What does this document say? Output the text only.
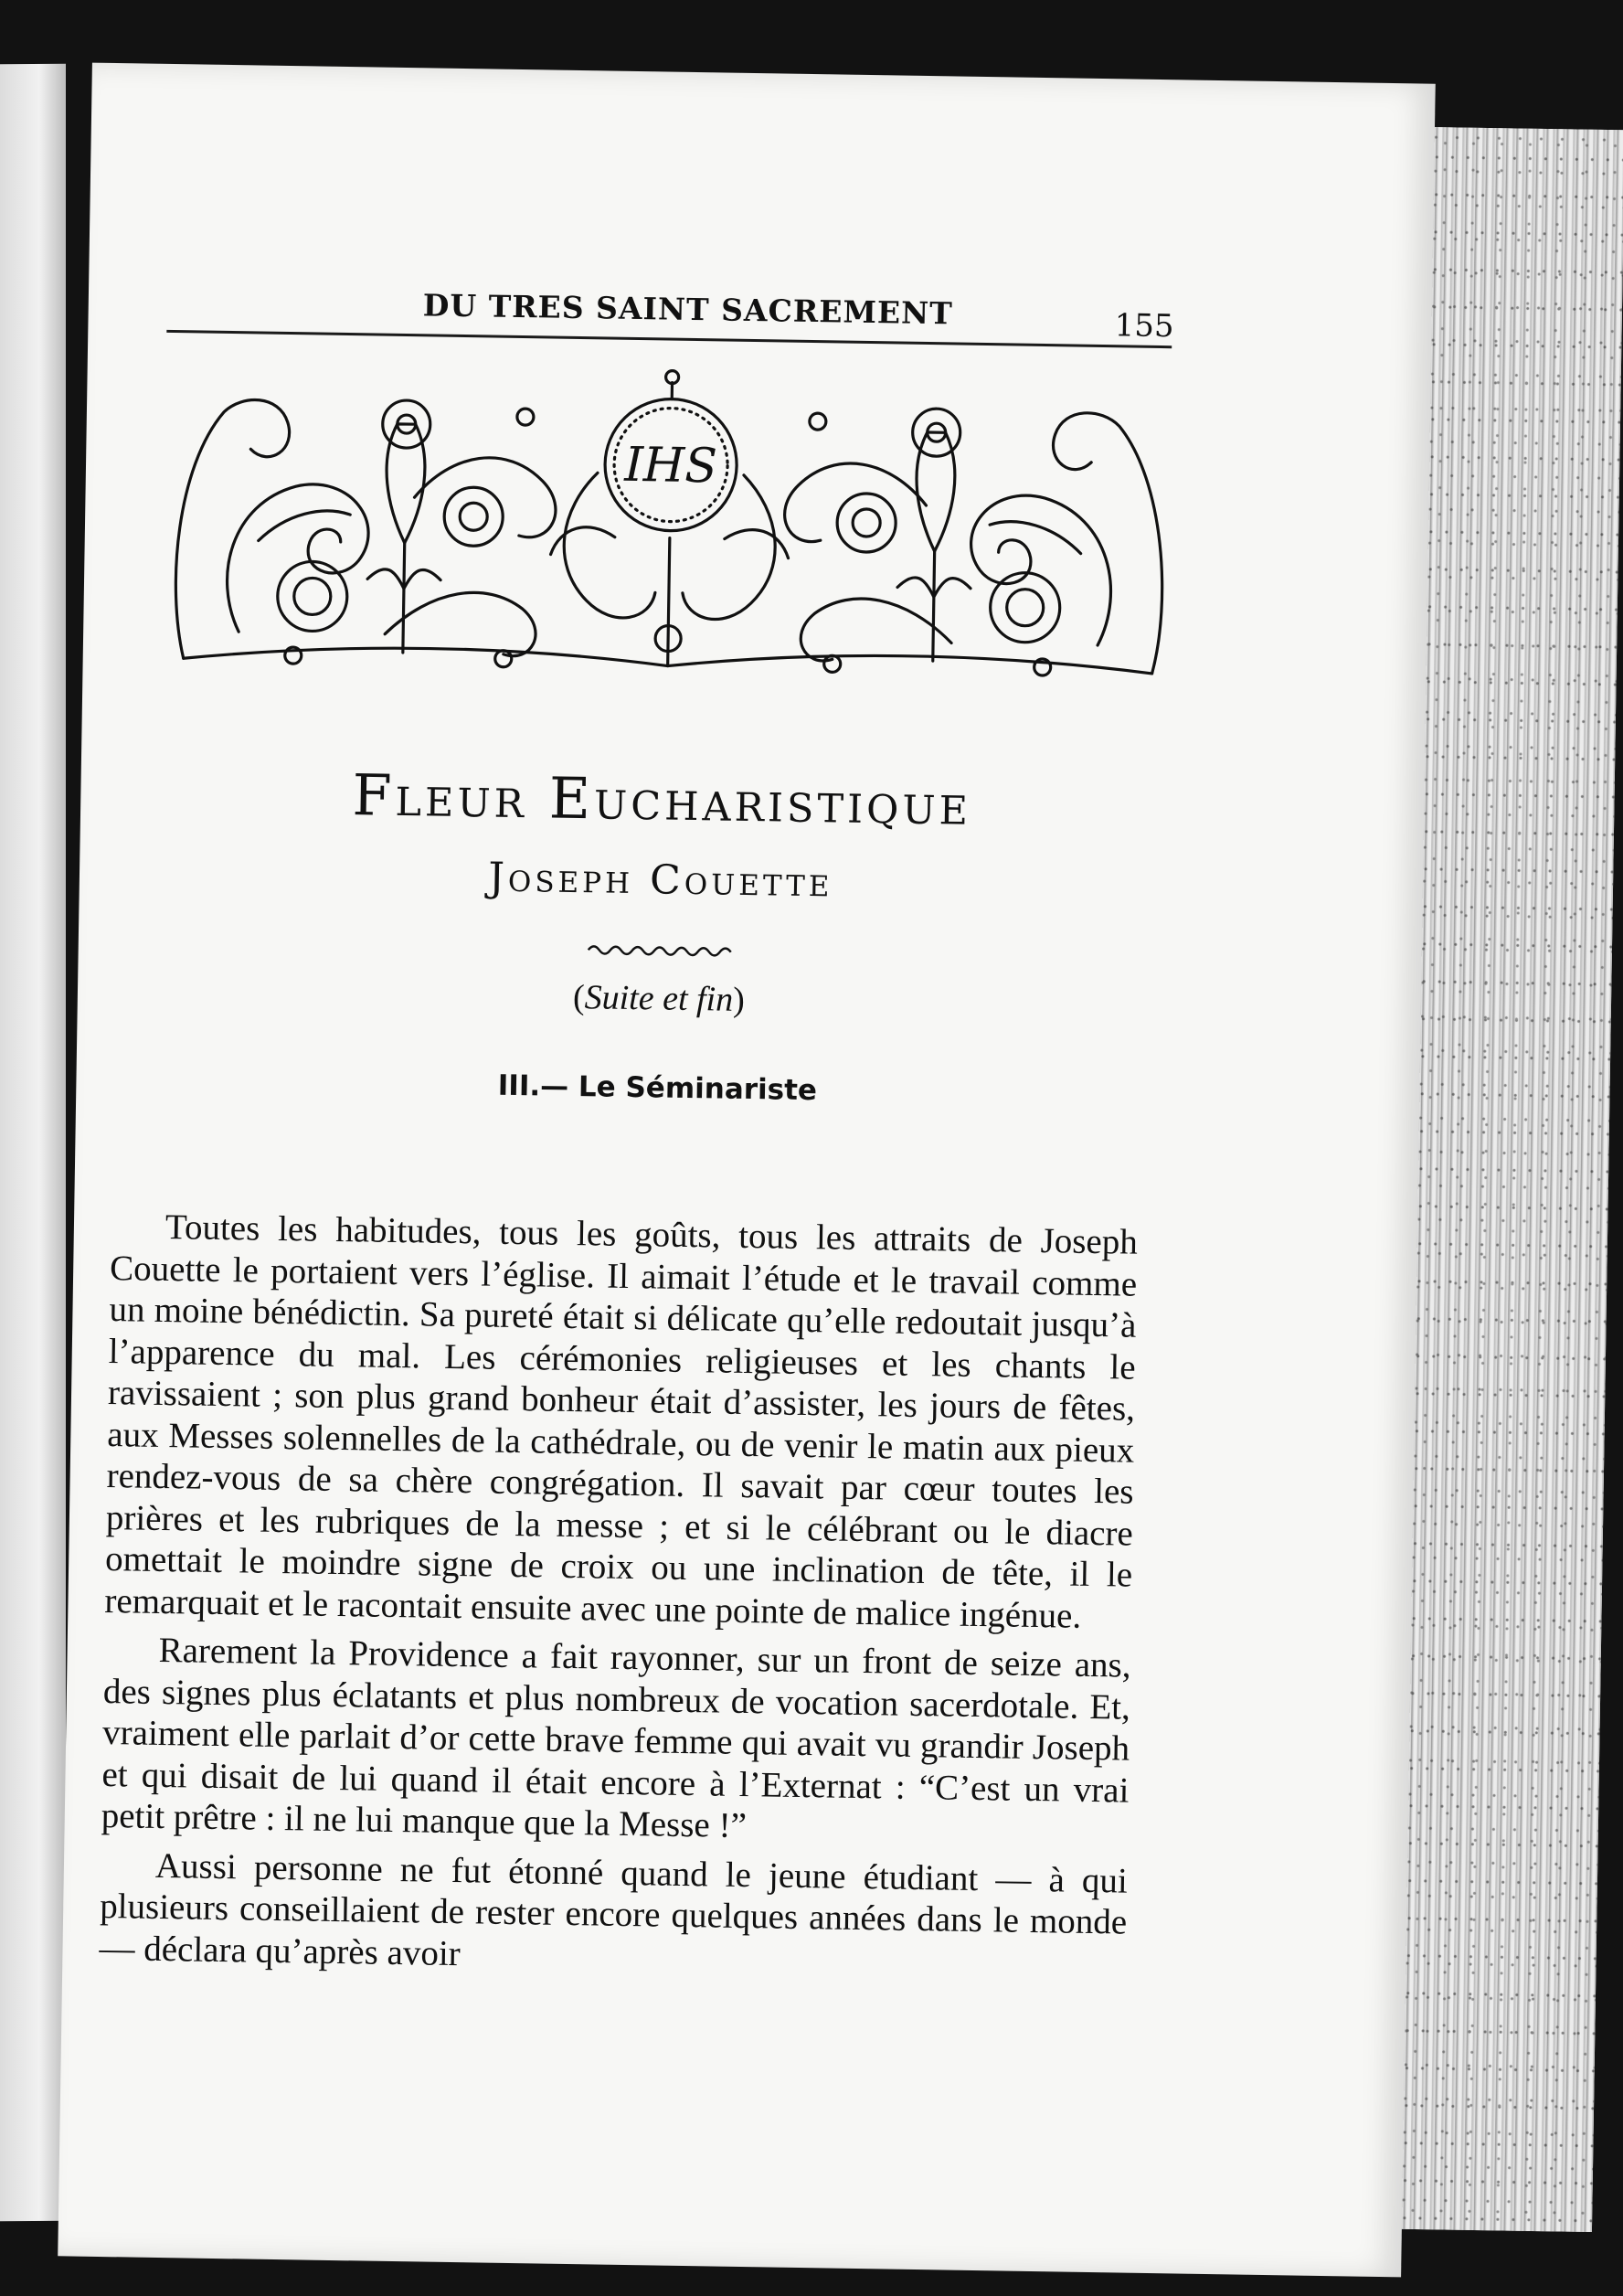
DU TRES SAINT SACREMENT	155
IHS
Fleur Eucharistique
Joseph Couette
(Suite et fin)
III.— Le Séminariste

Toutes les habitudes, tous les goûts, tous les attraits de Joseph Couette le portaient vers l’église. Il aimait l’étude et le travail comme un moine bénédictin. Sa pureté était si délicate qu’elle redoutait jusqu’à l’apparence du mal. Les cérémonies religieuses et les chants le ravissaient ; son plus grand bonheur était d’assister, les jours de fêtes, aux Messes solennelles de la cathédrale, ou de venir le matin aux pieux rendez-vous de sa chère congrégation. Il savait par cœur toutes les prières et les rubriques de la messe ; et si le célébrant ou le diacre omettait le moindre signe de croix ou une inclination de tête, il le remarquait et le racontait ensuite avec une pointe de malice ingénue.

Rarement la Providence a fait rayonner, sur un front de seize ans, des signes plus éclatants et plus nombreux de vocation sacerdotale. Et, vraiment elle parlait d’or cette brave femme qui avait vu grandir Joseph et qui disait de lui quand il était encore à l’Externat : “C’est un vrai petit prêtre : il ne lui manque que la Messe !”

Aussi personne ne fut étonné quand le jeune étudiant — à qui plusieurs conseillaient de rester encore quelques années dans le monde— déclara qu’après avoir
